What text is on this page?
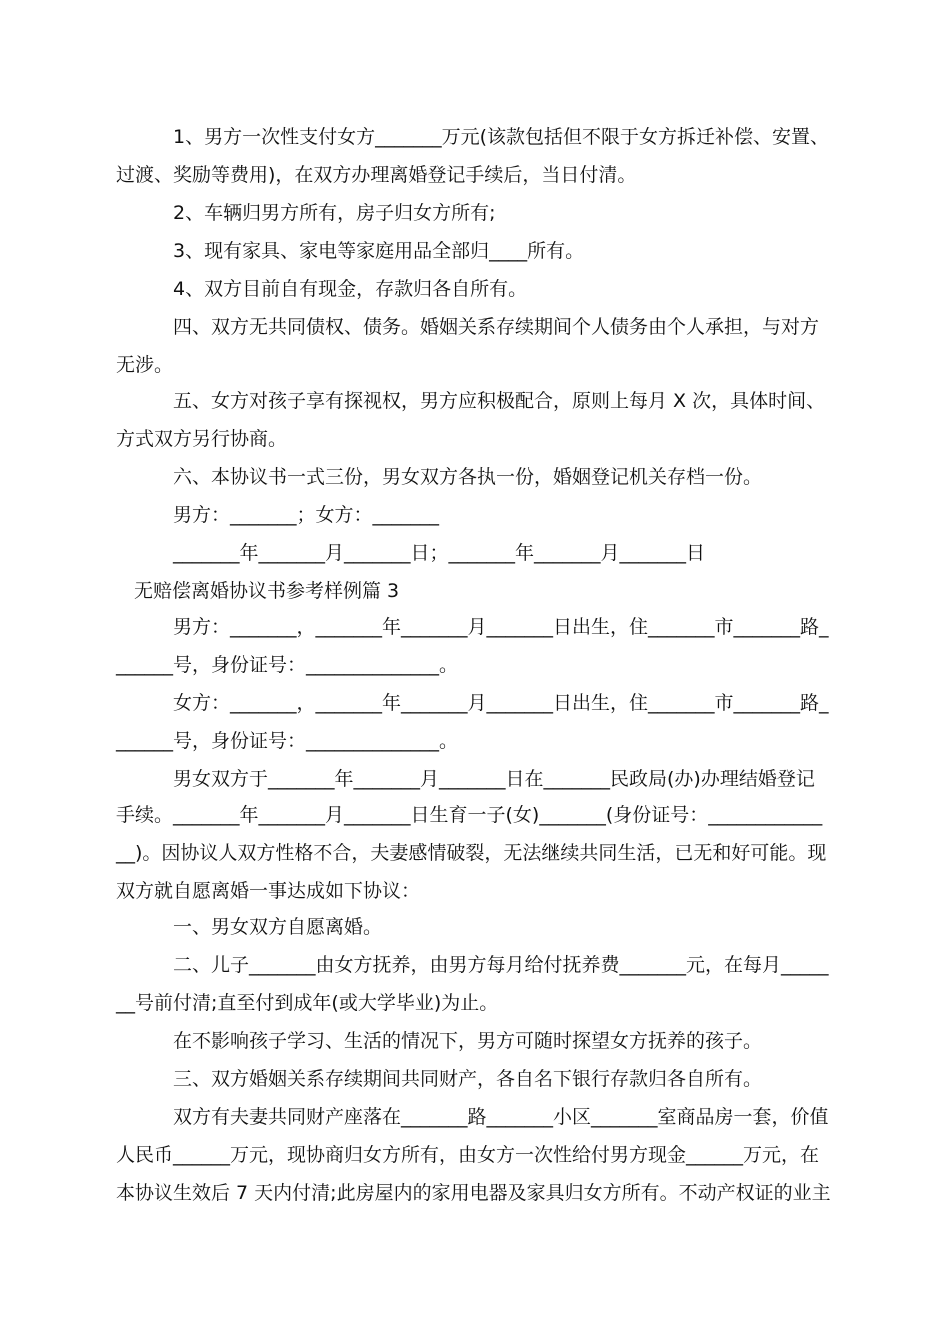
1、男方一次性支付女方_______万元(该款包括但不限于女方拆迁补偿、安置、

过渡、奖励等费用)，在双方办理离婚登记手续后，当日付清。

2、车辆归男方所有，房子归女方所有;

3、现有家具、家电等家庭用品全部归____所有。

4、双方目前自有现金，存款归各自所有。

四、双方无共同债权、债务。婚姻关系存续期间个人债务由个人承担，与对方

无涉。

五、女方对孩子享有探视权，男方应积极配合，原则上每月 X 次，具体时间、

方式双方另行协商。

六、本协议书一式三份，男女双方各执一份，婚姻登记机关存档一份。

男方：_______；女方：_______

_______年_______月_______日；_______年_______月_______日

无赔偿离婚协议书参考样例篇 3

男方：_______，_______年_______月_______日出生，住_______市_______路_

______号，身份证号：______________。

女方：_______，_______年_______月_______日出生，住_______市_______路_

______号，身份证号：______________。

男女双方于_______年_______月_______日在_______民政局(办)办理结婚登记

手续。_______年_______月_______日生育一子(女)_______(身份证号：____________

__)。因协议人双方性格不合，夫妻感情破裂，无法继续共同生活，已无和好可能。现

双方就自愿离婚一事达成如下协议：

一、男女双方自愿离婚。

二、儿子_______由女方抚养，由男方每月给付抚养费_______元，在每月_____

__号前付清;直至付到成年(或大学毕业)为止。

在不影响孩子学习、生活的情况下，男方可随时探望女方抚养的孩子。

三、双方婚姻关系存续期间共同财产，各自名下银行存款归各自所有。

双方有夫妻共同财产座落在_______路_______小区_______室商品房一套，价值

人民币______万元，现协商归女方所有，由女方一次性给付男方现金______万元，在

本协议生效后 7 天内付清;此房屋内的家用电器及家具归女方所有。不动产权证的业主
